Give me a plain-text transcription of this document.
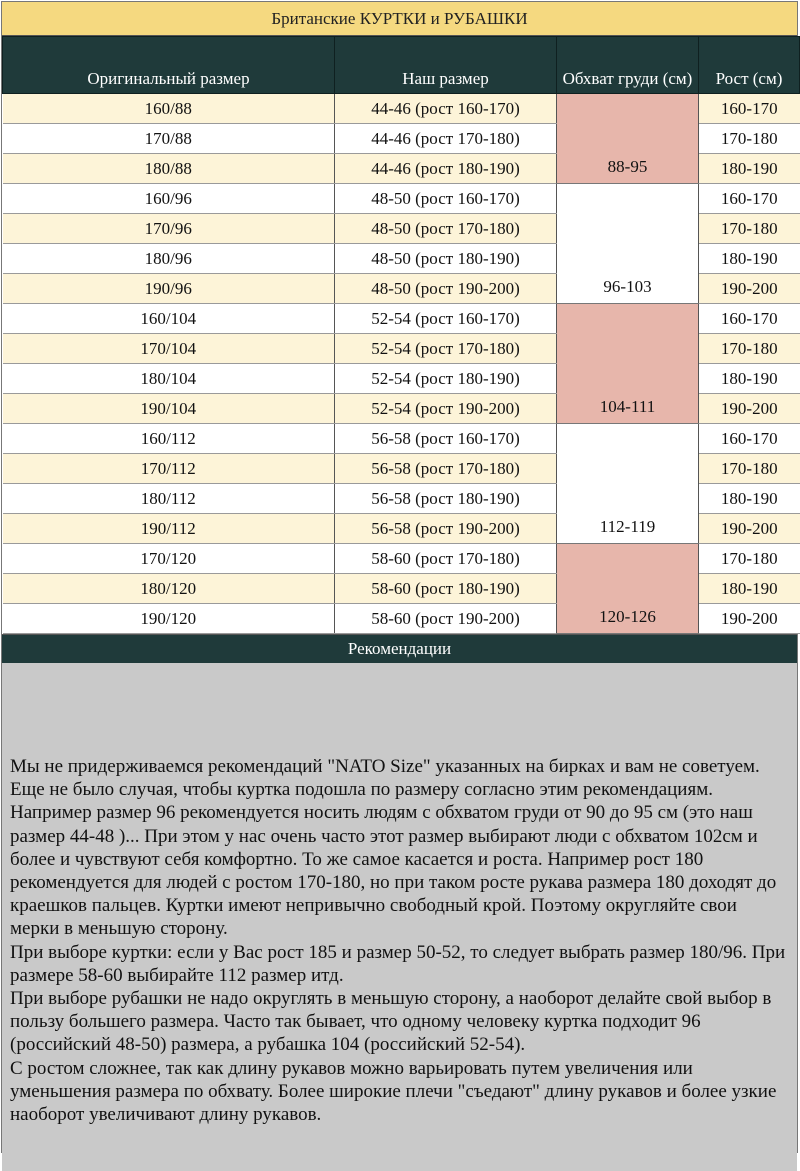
Британские КУРТКИ и РУБАШКИ
Оригинальный размер	Наш размер	Обхват груди (см)	Рост (см)
160/88	44-46 (рост 160-170)	88-95	160-170
170/88	44-46 (рост 170-180)		170-180
180/88	44-46 (рост 180-190)		180-190
160/96	48-50 (рост 160-170)	96-103	160-170
170/96	48-50 (рост 170-180)		170-180
180/96	48-50 (рост 180-190)		180-190
190/96	48-50 (рост 190-200)		190-200
160/104	52-54 (рост 160-170)	104-111	160-170
170/104	52-54 (рост 170-180)		170-180
180/104	52-54 (рост 180-190)		180-190
190/104	52-54 (рост 190-200)		190-200
160/112	56-58 (рост 160-170)	112-119	160-170
170/112	56-58 (рост 170-180)		170-180
180/112	56-58 (рост 180-190)		180-190
190/112	56-58 (рост 190-200)		190-200
170/120	58-60 (рост 170-180)	120-126	170-180
180/120	58-60 (рост 180-190)		180-190
190/120	58-60 (рост 190-200)		190-200
Рекомендации

Мы не придерживаемся рекомендаций "NATO Size" указанных на бирках и вам не советуем. Еще не было случая, чтобы куртка подошла по размеру согласно этим рекомендациям. Например размер 96 рекомендуется носить людям с обхватом груди от 90 до 95 см (это наш размер 44-48 )... При этом у нас очень часто этот размер выбирают люди с обхватом 102см и более и чувствуют себя комфортно. То же самое касается и роста. Например рост 180 рекомендуется для людей с ростом 170-180, но при таком росте рукава размера 180 доходят до краешков пальцев. Куртки имеют непривычно свободный крой. Поэтому округляйте свои мерки в меньшую сторону.

При выборе куртки: если у Вас рост 185 и размер 50-52, то следует выбрать размер 180/96. При размере 58-60 выбирайте 112 размер итд.

При выборе рубашки не надо округлять в меньшую сторону, а наоборот делайте свой выбор в пользу большего размера. Часто так бывает, что одному человеку куртка подходит 96 (российский 48-50) размера, а рубашка 104 (российский 52-54).

С ростом сложнее, так как длину рукавов можно варьировать путем увеличения или уменьшения размера по обхвату. Более широкие плечи "съедают" длину рукавов и более узкие наоборот увеличивают длину рукавов.
